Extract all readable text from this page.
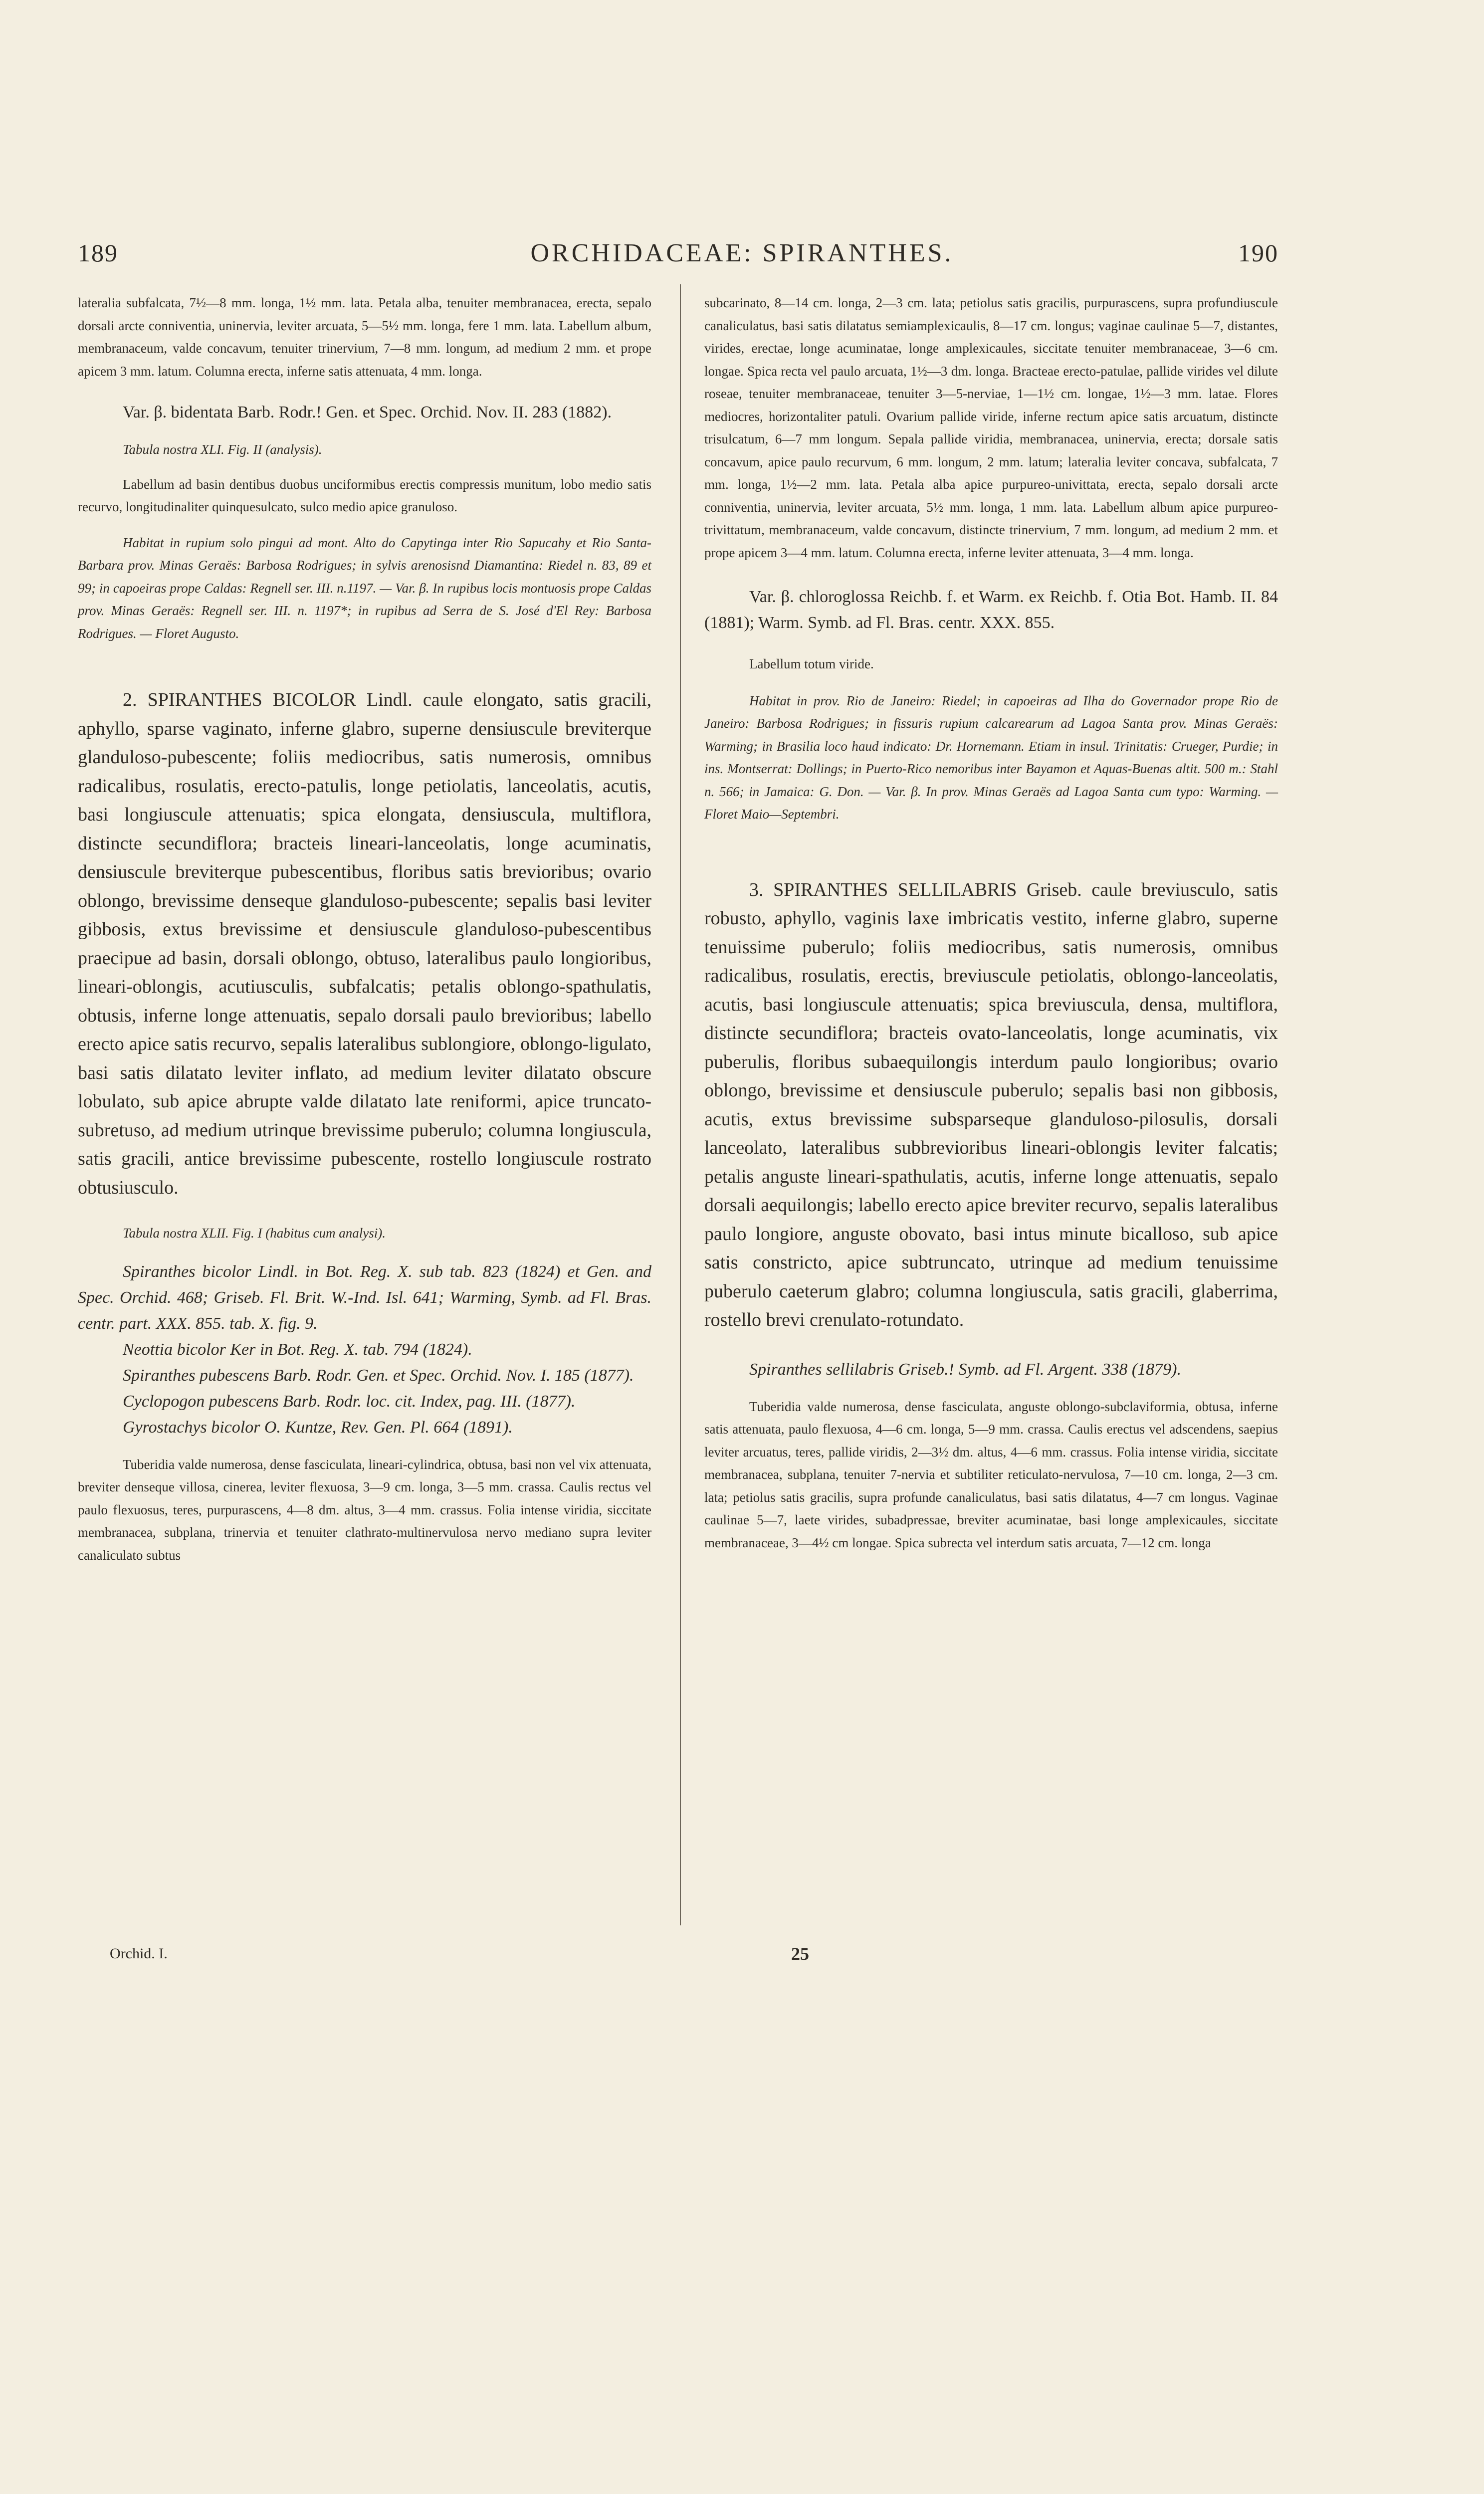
189	ORCHIDACEAE: SPIRANTHES.	190

lateralia subfalcata, 7½—8 mm. longa, 1½ mm. lata. Petala alba, tenuiter membranacea, erecta, sepalo dorsali arcte conniventia, uninervia, leviter arcuata, 5—5½ mm. longa, fere 1 mm. lata. Labellum album, membranaceum, valde concavum, tenuiter trinervium, 7—8 mm. longum, ad medium 2 mm. et prope apicem 3 mm. latum. Columna erecta, inferne satis attenuata, 4 mm. longa.

Var. β. bidentata Barb. Rodr.! Gen. et Spec. Orchid. Nov. II. 283 (1882).

Tabula nostra XLI. Fig. II (analysis).

Labellum ad basin dentibus duobus unciformibus erectis compressis munitum, lobo medio satis recurvo, longitudinaliter quinquesulcato, sulco medio apice granuloso.

Habitat in rupium solo pingui ad mont. Alto do Capytinga inter Rio Sapucahy et Rio Santa-Barbara prov. Minas Geraës: Barbosa Rodrigues; in sylvis arenosisnd Diamantina: Riedel n. 83, 89 et 99; in capoeiras prope Caldas: Regnell ser. III. n.1197. — Var. β. In rupibus locis montuosis prope Caldas prov. Minas Geraës: Regnell ser. III. n. 1197*; in rupibus ad Serra de S. José d'El Rey: Barbosa Rodrigues. — Floret Augusto.

2. SPIRANTHES BICOLOR Lindl. caule elongato, satis gracili, aphyllo, sparse vaginato, inferne glabro, superne densiuscule breviterque glanduloso-pubescente; foliis mediocribus, satis numerosis, omnibus radicalibus, rosulatis, erecto-patulis, longe petiolatis, lanceolatis, acutis, basi longiuscule attenuatis; spica elongata, densiuscula, multiflora, distincte secundiflora; bracteis lineari-lanceolatis, longe acuminatis, densiuscule breviterque pubescentibus, floribus satis brevioribus; ovario oblongo, brevissime denseque glanduloso-pubescente; sepalis basi leviter gibbosis, extus brevissime et densiuscule glanduloso-pubescentibus praecipue ad basin, dorsali oblongo, obtuso, lateralibus paulo longioribus, lineari-oblongis, acutiusculis, subfalcatis; petalis oblongo-spathulatis, obtusis, inferne longe attenuatis, sepalo dorsali paulo brevioribus; labello erecto apice satis recurvo, sepalis lateralibus sublongiore, oblongo-ligulato, basi satis dilatato leviter inflato, ad medium leviter dilatato obscure lobulato, sub apice abrupte valde dilatato late reniformi, apice truncato-subretuso, ad medium utrinque brevissime puberulo; columna longiuscula, satis gracili, antice brevissime pubescente, rostello longiuscule rostrato obtusiusculo.

Tabula nostra XLII. Fig. I (habitus cum analysi).

Spiranthes bicolor Lindl. in Bot. Reg. X. sub tab. 823 (1824) et Gen. and Spec. Orchid. 468; Griseb. Fl. Brit. W.-Ind. Isl. 641; Warming, Symb. ad Fl. Bras. centr. part. XXX. 855. tab. X. fig. 9.

Neottia bicolor Ker in Bot. Reg. X. tab. 794 (1824).

Spiranthes pubescens Barb. Rodr. Gen. et Spec. Orchid. Nov. I. 185 (1877).

Cyclopogon pubescens Barb. Rodr. loc. cit. Index, pag. III. (1877).

Gyrostachys bicolor O. Kuntze, Rev. Gen. Pl. 664 (1891).

Tuberidia valde numerosa, dense fasciculata, lineari-cylindrica, obtusa, basi non vel vix attenuata, breviter denseque villosa, cinerea, leviter flexuosa, 3—9 cm. longa, 3—5 mm. crassa. Caulis rectus vel paulo flexuosus, teres, purpurascens, 4—8 dm. altus, 3—4 mm. crassus. Folia intense viridia, siccitate membranacea, subplana, trinervia et tenuiter clathrato-multinervulosa nervo mediano supra leviter canaliculato subtus

subcarinato, 8—14 cm. longa, 2—3 cm. lata; petiolus satis gracilis, purpurascens, supra profundiuscule canaliculatus, basi satis dilatatus semiamplexicaulis, 8—17 cm. longus; vaginae caulinae 5—7, distantes, virides, erectae, longe acuminatae, longe amplexicaules, siccitate tenuiter membranaceae, 3—6 cm. longae. Spica recta vel paulo arcuata, 1½—3 dm. longa. Bracteae erecto-patulae, pallide virides vel dilute roseae, tenuiter membranaceae, tenuiter 3—5-nerviae, 1—1½ cm. longae, 1½—3 mm. latae. Flores mediocres, horizontaliter patuli. Ovarium pallide viride, inferne rectum apice satis arcuatum, distincte trisulcatum, 6—7 mm longum. Sepala pallide viridia, membranacea, uninervia, erecta; dorsale satis concavum, apice paulo recurvum, 6 mm. longum, 2 mm. latum; lateralia leviter concava, subfalcata, 7 mm. longa, 1½—2 mm. lata. Petala alba apice purpureo-univittata, erecta, sepalo dorsali arcte conniventia, uninervia, leviter arcuata, 5½ mm. longa, 1 mm. lata. Labellum album apice purpureo-trivittatum, membranaceum, valde concavum, distincte trinervium, 7 mm. longum, ad medium 2 mm. et prope apicem 3—4 mm. latum. Columna erecta, inferne leviter attenuata, 3—4 mm. longa.

Var. β. chloroglossa Reichb. f. et Warm. ex Reichb. f. Otia Bot. Hamb. II. 84 (1881); Warm. Symb. ad Fl. Bras. centr. XXX. 855.

Labellum totum viride.

Habitat in prov. Rio de Janeiro: Riedel; in capoeiras ad Ilha do Governador prope Rio de Janeiro: Barbosa Rodrigues; in fissuris rupium calcarearum ad Lagoa Santa prov. Minas Geraës: Warming; in Brasilia loco haud indicato: Dr. Hornemann. Etiam in insul. Trinitatis: Crueger, Purdie; in ins. Montserrat: Dollings; in Puerto-Rico nemoribus inter Bayamon et Aquas-Buenas altit. 500 m.: Stahl n. 566; in Jamaica: G. Don. — Var. β. In prov. Minas Geraës ad Lagoa Santa cum typo: Warming. — Floret Maio—Septembri.

3. SPIRANTHES SELLILABRIS Griseb. caule breviusculo, satis robusto, aphyllo, vaginis laxe imbricatis vestito, inferne glabro, superne tenuissime puberulo; foliis mediocribus, satis numerosis, omnibus radicalibus, rosulatis, erectis, breviuscule petiolatis, oblongo-lanceolatis, acutis, basi longiuscule attenuatis; spica breviuscula, densa, multiflora, distincte secundiflora; bracteis ovato-lanceolatis, longe acuminatis, vix puberulis, floribus subaequilongis interdum paulo longioribus; ovario oblongo, brevissime et densiuscule puberulo; sepalis basi non gibbosis, acutis, extus brevissime subsparseque glanduloso-pilosulis, dorsali lanceolato, lateralibus subbrevioribus lineari-oblongis leviter falcatis; petalis anguste lineari-spathulatis, acutis, inferne longe attenuatis, sepalo dorsali aequilongis; labello erecto apice breviter recurvo, sepalis lateralibus paulo longiore, anguste obovato, basi intus minute bicalloso, sub apice satis constricto, apice subtruncato, utrinque ad medium tenuissime puberulo caeterum glabro; columna longiuscula, satis gracili, glaberrima, rostello brevi crenulato-rotundato.

Spiranthes sellilabris Griseb.! Symb. ad Fl. Argent. 338 (1879).

Tuberidia valde numerosa, dense fasciculata, anguste oblongo-subclaviformia, obtusa, inferne satis attenuata, paulo flexuosa, 4—6 cm. longa, 5—9 mm. crassa. Caulis erectus vel adscendens, saepius leviter arcuatus, teres, pallide viridis, 2—3½ dm. altus, 4—6 mm. crassus. Folia intense viridia, siccitate membranacea, subplana, tenuiter 7-nervia et subtiliter reticulato-nervulosa, 7—10 cm. longa, 2—3 cm. lata; petiolus satis gracilis, supra profunde canaliculatus, basi satis dilatatus, 4—7 cm longus. Vaginae caulinae 5—7, laete virides, subadpressae, breviter acuminatae, basi longe amplexicaules, siccitate membranaceae, 3—4½ cm longae. Spica subrecta vel interdum satis arcuata, 7—12 cm. longa

Orchid. I.	25
